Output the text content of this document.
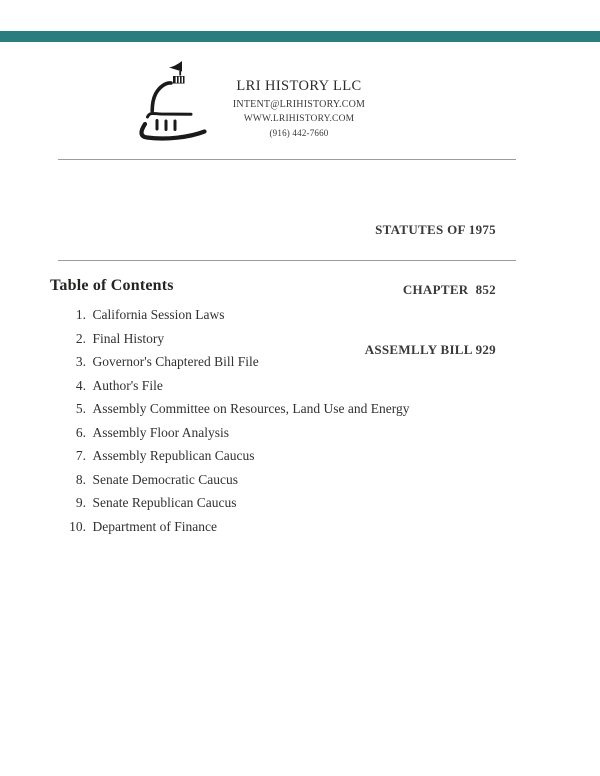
LRI HISTORY LLC
INTENT@LRIHISTORY.COM
WWW.LRIHISTORY.COM
(916) 442-7660

STATUTES OF 1975

CHAPTER  852

ASSEMLLY BILL 929

Table of Contents
1. California Session Laws
2. Final History
3. Governor's Chaptered Bill File
4. Author's File
5. Assembly Committee on Resources, Land Use and Energy
6. Assembly Floor Analysis
7. Assembly Republican Caucus
8. Senate Democratic Caucus
9. Senate Republican Caucus
10. Department of Finance
